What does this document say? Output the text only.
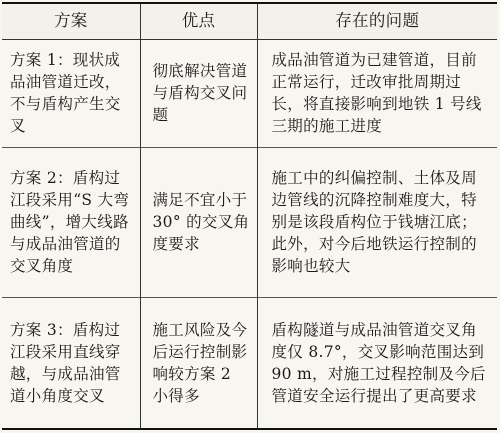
方案	优点	存在的问题
方案 1：现状成品油管道迁改，不与盾构产生交叉	彻底解决管道与盾构交叉问题	成品油管道为已建管道，目前正常运行，迁改审批周期过长，将直接影响到地铁 1 号线三期的施工进度
方案 2：盾构过江段采用“S 大弯曲线”，增大线路与成品油管道的交叉角度	满足不宜小于 30° 的交叉角度要求	施工中的纠偏控制、土体及周边管线的沉降控制难度大，特别是该段盾构位于钱塘江底；此外，对今后地铁运行控制的影响也较大
方案 3：盾构过江段采用直线穿越，与成品油管道小角度交叉	施工风险及今后运行控制影响较方案 2 小得多	盾构隧道与成品油管道交叉角度仅 8.7°，交叉影响范围达到 90 m，对施工过程控制及今后管道安全运行提出了更高要求
